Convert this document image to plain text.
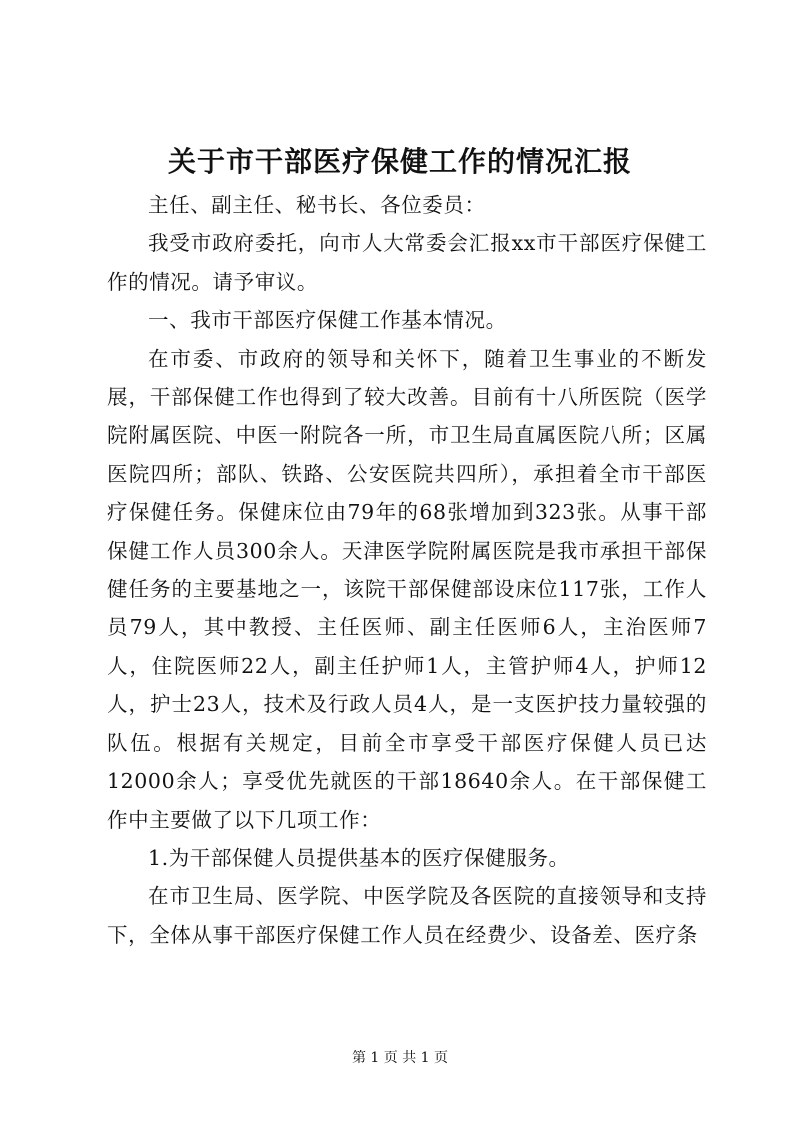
关于市干部医疗保健工作的情况汇报

主任、副主任、秘书长、各位委员：

我受市政府委托，向市人大常委会汇报xx市干部医疗保健工作的情况。请予审议。

一、我市干部医疗保健工作基本情况。

在市委、市政府的领导和关怀下，随着卫生事业的不断发展，干部保健工作也得到了较大改善。目前有十八所医院（医学院附属医院、中医一附院各一所，市卫生局直属医院八所；区属医院四所；部队、铁路、公安医院共四所），承担着全市干部医疗保健任务。保健床位由79年的68张增加到323张。从事干部保健工作人员300余人。天津医学院附属医院是我市承担干部保健任务的主要基地之一，该院干部保健部设床位117张，工作人员79人，其中教授、主任医师、副主任医师6人，主治医师7人，住院医师22人，副主任护师1人，主管护师4人，护师12人，护士23人，技术及行政人员4人，是一支医护技力量较强的队伍。根据有关规定，目前全市享受干部医疗保健人员已达12000余人；享受优先就医的干部18640余人。在干部保健工作中主要做了以下几项工作：

1.为干部保健人员提供基本的医疗保健服务。

在市卫生局、医学院、中医学院及各医院的直接领导和支持下，全体从事干部医疗保健工作人员在经费少、设备差、医疗条

第 1 页 共 1 页
